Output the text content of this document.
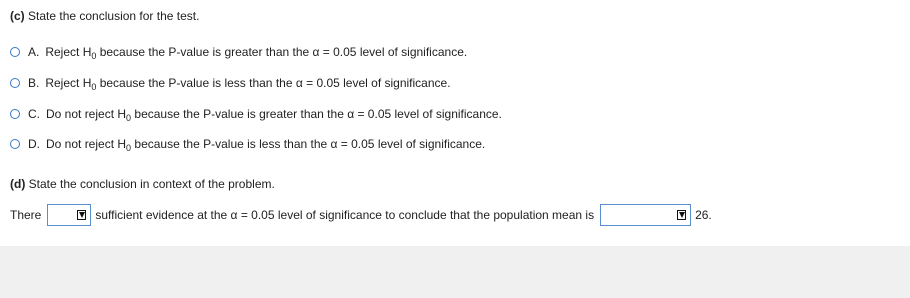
(c) State the conclusion for the test.
A. Reject $H_0$ because the P-value is greater than the α = 0.05 level of significance.
B. Reject $H_0$ because the P-value is less than the α = 0.05 level of significance.
C. Do not reject $H_0$ because the P-value is greater than the α = 0.05 level of significance.
D. Do not reject $H_0$ because the P-value is less than the α = 0.05 level of significance.
(d) State the conclusion in context of the problem.
There	sufficient evidence at the α = 0.05 level of significance to conclude that the population mean is	26.
